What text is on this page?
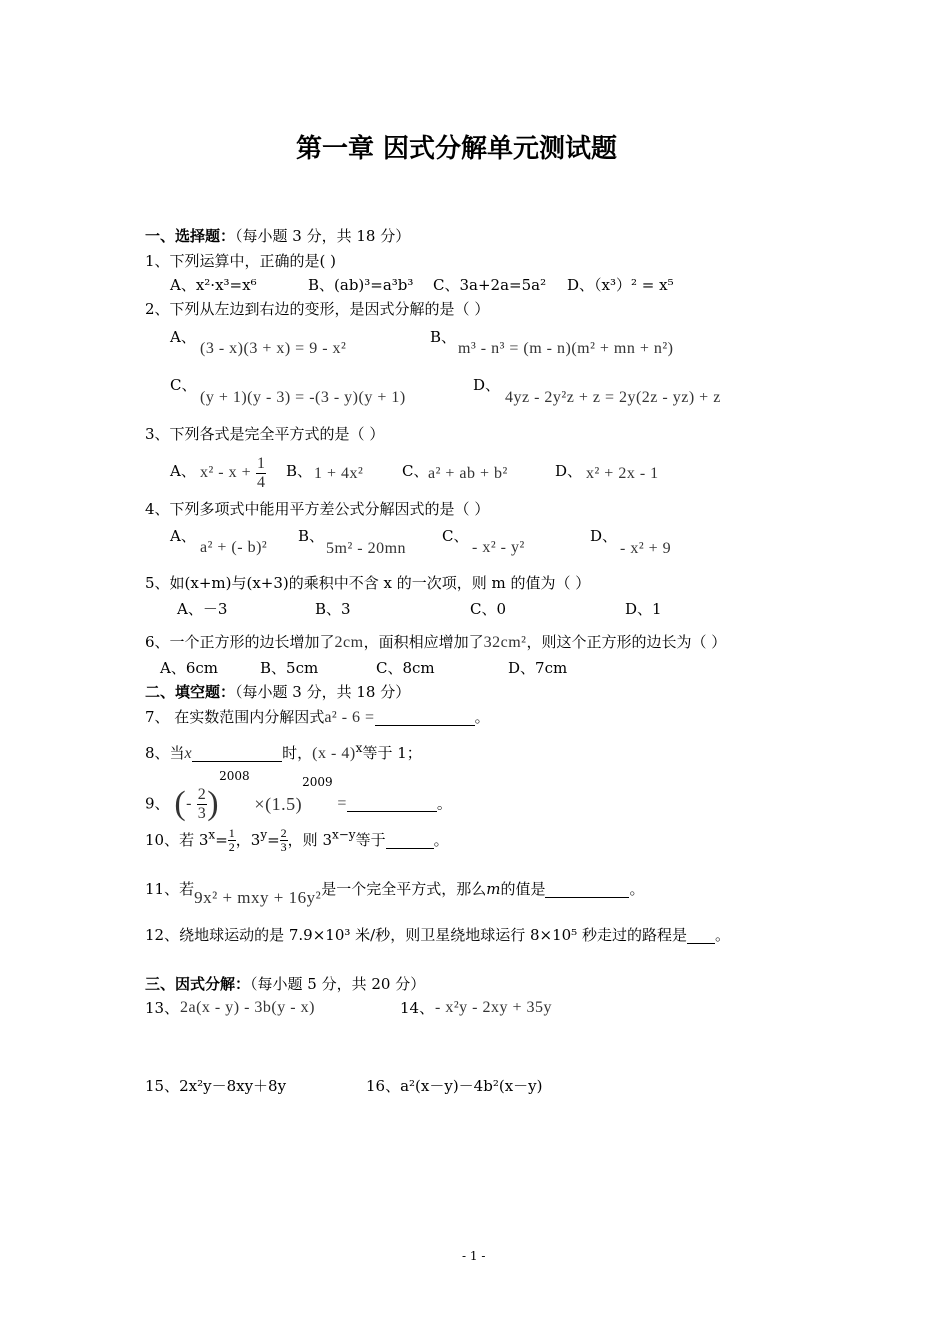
第一章 因式分解单元测试题
一、选择题：（每小题 3 分，共 18 分）
1、下列运算中，正确的是( )
A、x²·x³=x⁶	B、(ab)³=a³b³ C、3a+2a=5a² D、（x³）² = x⁵
2、下列从左边到右边的变形，是因式分解的是（ ）
A、
(3 - x)(3 + x) = 9 - x²
B、
m³ - n³ = (m - n)(m² + mn + n²)
C、
(y + 1)(y - 3) = -(3 - y)(y + 1)
D、
4yz - 2y²z + z = 2y(2z - yz) + z
3、下列各式是完全平方式的是（ ）
A、 $x^2 - x + \frac{1}{4}$ B、 1 + 4x²	C、 a² + ab + b²	D、 x² + 2x - 1
4、下列多项式中能用平方差公式分解因式的是（ ）
A、
a² + (- b)²
B、
5m² - 20mn
C、
- x² - y²
D、
- x² + 9
5、如(x+m)与(x+3)的乘积中不含 x 的一次项，则 m 的值为（ ）
A、－3	B、3	C、0	D、1
6、一个正方形的边长增加了2cm，面积相应增加了32cm²，则这个正方形的边长为（ ）
A、6cm	B、5cm	C、8cm	D、7cm
二、填空题：（每小题 3 分，共 18 分）
7、 在实数范围内分解因式a² - 6 =	。
8、当x	时，(x - 4)$^x$等于 1；
9、 (- $\frac{2}{3} )^{2008} \times(1.5)^{2009}$ =	。
10、若 $3^x= \frac{1}{2}$ ，$3^y= \frac{2}{3}$ ，则 $3^{x-y}$等于	。
11、若9x² + mxy + 16y²是一个完全平方式，那么m的值是	。
12、绕地球运动的是 7.9×10³ 米/秒，则卫星绕地球运行 8×10⁵ 秒走过的路程是 。
三、因式分解：（每小题 5 分，共 20 分）
13、 2a(x - y) - 3b(y - x)	14、 - x²y - 2xy + 35y
15、2x²y－8xy＋8y	16、a²(x－y)－4b²(x－y)
- 1 -
